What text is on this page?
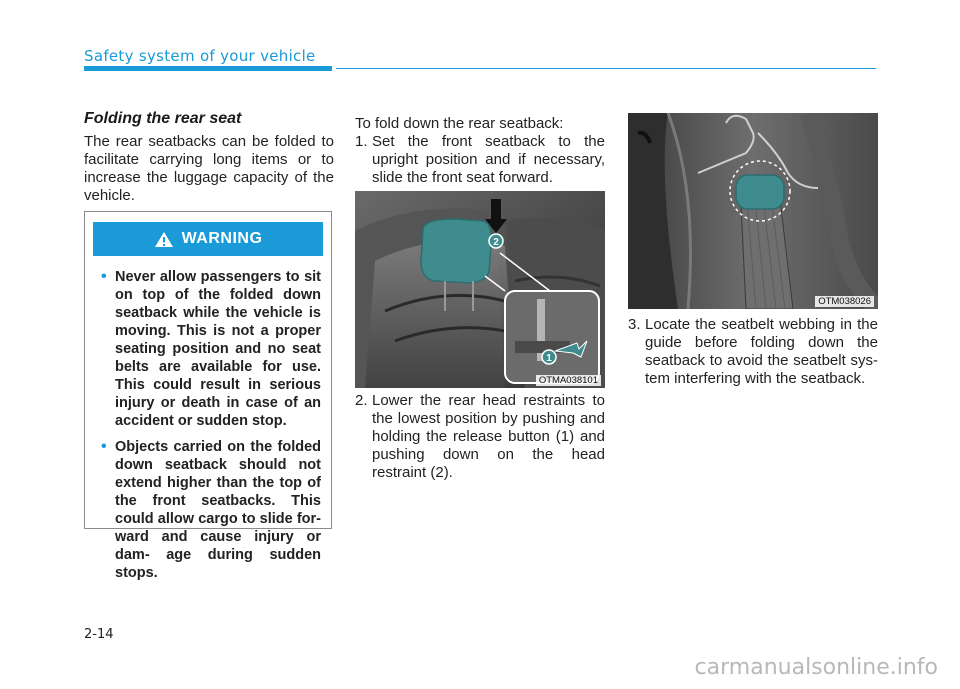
Safety system of your vehicle
Folding the rear seat
The rear seatbacks can be folded to facilitate carrying long items or to increase the luggage capacity of the vehicle.
WARNING
• Never allow passengers to sit on top of the folded down seatback while the vehicle is moving. This is not a proper seating position and no seat belts are available for use. This could result in serious injury or death in case of an accident or sudden stop.
• Objects carried on the folded down seatback should not extend higher than the top of the front seatbacks. This could allow cargo to slide for- ward and cause injury or dam- age during sudden stops.
To fold down the rear seatback:
1. Set the front seatback to the upright position and if necessary, slide the front seat forward.
2
1
OTMA038101
2. Lower the rear head restraints to the lowest position by pushing and holding the release button (1) and pushing down on the head restraint (2).
OTM038026
3. Locate the seatbelt webbing in the guide before folding down the seatback to avoid the seatbelt sys- tem interfering with the seatback.
2-14
carmanualsonline.info
